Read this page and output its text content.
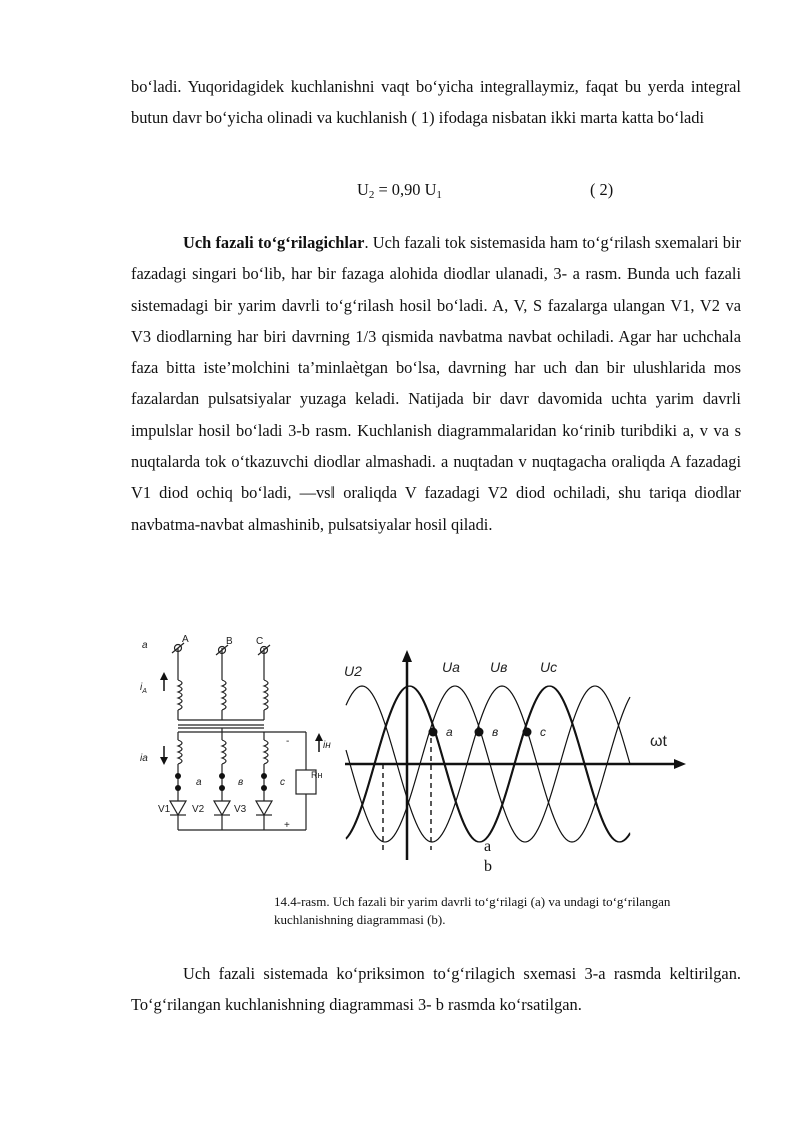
bo‘ladi. Yuqoridagidek kuchlanishni vaqt bo‘yicha integrallaymiz, faqat bu yerda integral butun davr bo‘yicha olinadi va kuchlanish ( 1) ifodaga nisbatan ikki marta katta bo‘ladi

$U_2 = 0,90$ $U_1$	( 2)

Uch fazali to‘g‘rilagichlar. Uch fazali tok sistemasida ham to‘g‘rilash sxemalari bir fazadagi singari bo‘lib, har bir fazaga alohida diodlar ulanadi, 3- a rasm. Bunda uch fazali sistemadagi bir yarim davrli to‘g‘rilash hosil bo‘ladi. A, V, S fazalarga ulangan V1, V2 va V3 diodlarning har biri davrning 1/3 qismida navbatma navbat ochiladi. Agar har uchchala faza bitta iste’molchini ta’minlaètgan bo‘lsa, davrning har uch dan bir ulushlarida mos fazalardan pulsatsiyalar yuzaga keladi. Natijada bir davr davomida uchta yarim davrli impulslar hosil bo‘ladi 3-b rasm. Kuchlanish diagrammalaridan ko‘rinib turibdiki a, v va s nuqtalarda tok o‘tkazuvchi diodlar almashadi. a nuqtadan v nuqtagacha oraliqda A fazadagi V1 diod ochiq bo‘ladi, ―vs‖ oraliqda V fazadagi V2 diod ochiladi, shu tariqa diodlar navbatma-navbat almashinib, pulsatsiyalar hosil qiladi.

a
A	B C
$i_A$
ia
iн
a	в	c
V1 V2	V3
Rн
-
+
U2	Ua Uв Uc
a	в	c
ωt
a
b
14.4-rasm. Uch fazali bir yarim davrli to‘g‘rilagi (a) va undagi to‘g‘rilangan kuchlanishning diagrammasi (b).

Uch fazali sistemada ko‘priksimon to‘g‘rilagich sxemasi 3-a rasmda keltirilgan. To‘g‘rilangan kuchlanishning diagrammasi 3- b rasmda ko‘rsatilgan.
